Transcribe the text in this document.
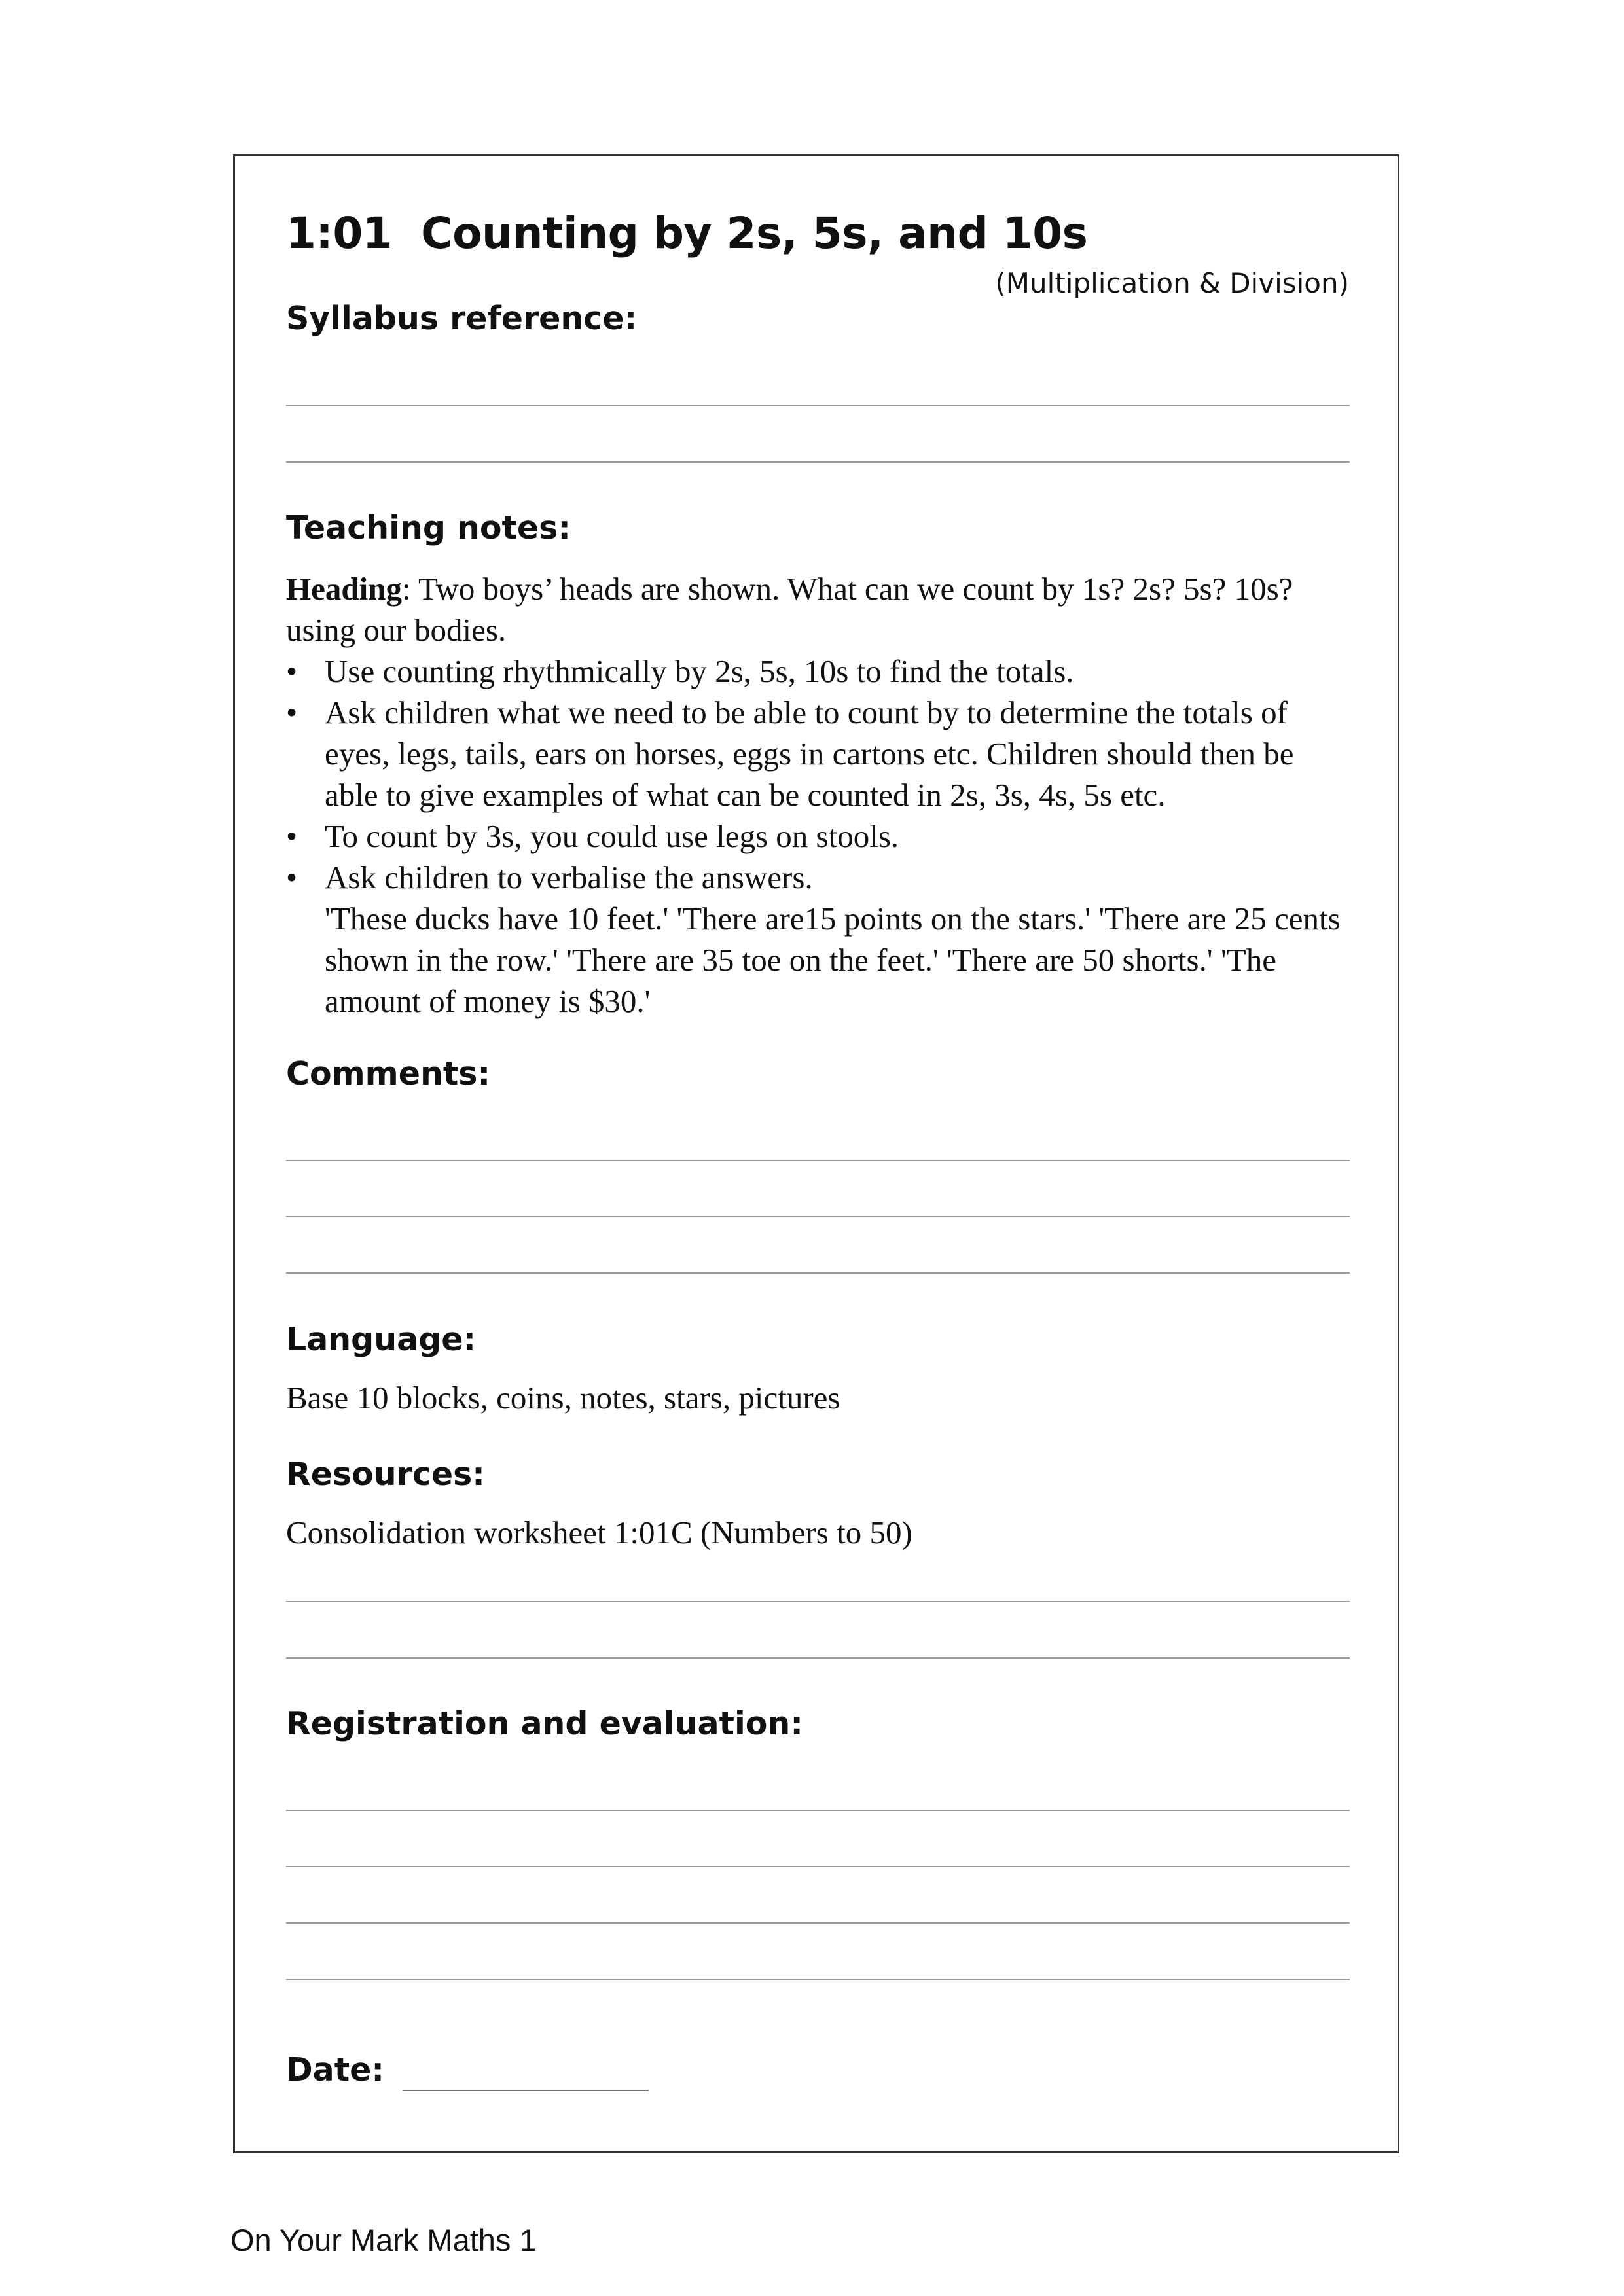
1:01 Counting by 2s, 5s, and 10s
(Multiplication & Division)
Syllabus reference:
Teaching notes:

Heading: Two boys’ heads are shown. What can we count by 1s? 2s? 5s? 10s? using our bodies.

• Use counting rhythmically by 2s, 5s, 10s to find the totals.
• Ask children what we need to be able to count by to determine the totals of eyes, legs, tails, ears on horses, eggs in cartons etc. Children should then be able to give examples of what can be counted in 2s, 3s, 4s, 5s etc.
• To count by 3s, you could use legs on stools.
• Ask children to verbalise the answers.
'These ducks have 10 feet.' 'There are15 points on the stars.' 'There are 25 cents shown in the row.' 'There are 35 toe on the feet.' 'There are 50 shorts.' 'The amount of money is $30.'
Comments:
Language:
Base 10 blocks, coins, notes, stars, pictures
Resources:
Consolidation worksheet 1:01C (Numbers to 50)
Registration and evaluation:
Date:
On Your Mark Maths 1
